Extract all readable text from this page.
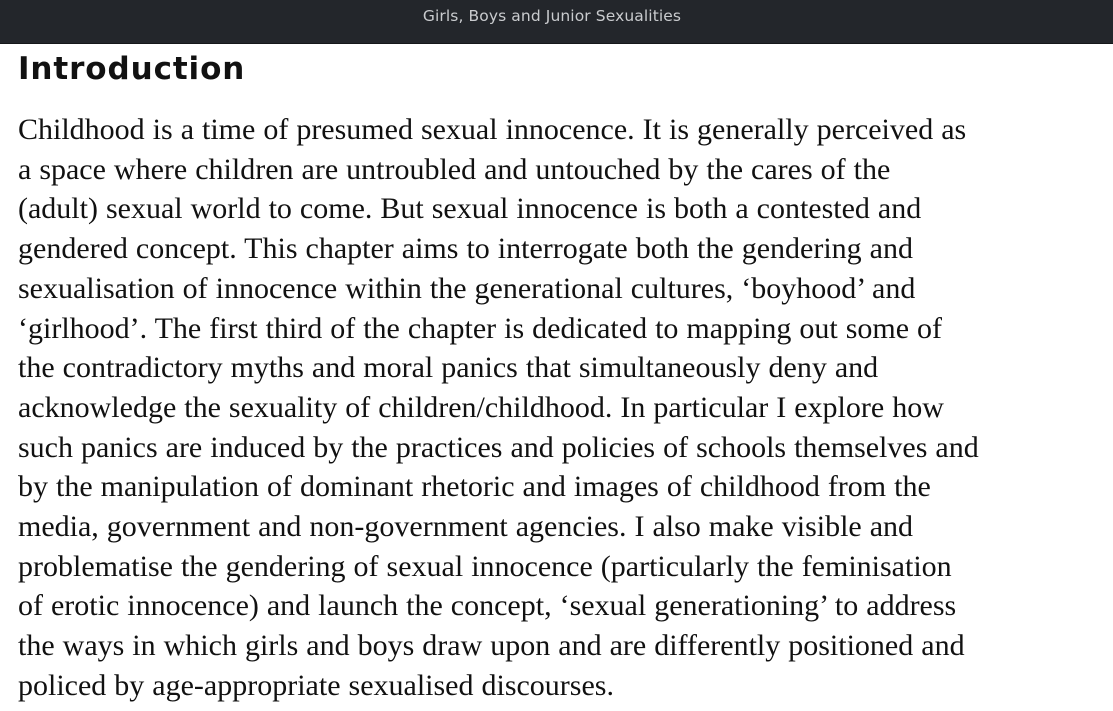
Girls, Boys and Junior Sexualities
Introduction
Childhood is a time of presumed sexual innocence. It is generally perceived as
a space where children are untroubled and untouched by the cares of the
(adult) sexual world to come. But sexual innocence is both a contested and
gendered concept. This chapter aims to interrogate both the gendering and
sexualisation of innocence within the generational cultures, ‘boyhood’ and
‘girlhood’. The first third of the chapter is dedicated to mapping out some of
the contradictory myths and moral panics that simultaneously deny and
acknowledge the sexuality of children/childhood. In particular I explore how
such panics are induced by the practices and policies of schools themselves and
by the manipulation of dominant rhetoric and images of childhood from the
media, government and non-government agencies. I also make visible and
problematise the gendering of sexual innocence (particularly the feminisation
of erotic innocence) and launch the concept, ‘sexual generationing’ to address
the ways in which girls and boys draw upon and are differently positioned and
policed by age-appropriate sexualised discourses.
